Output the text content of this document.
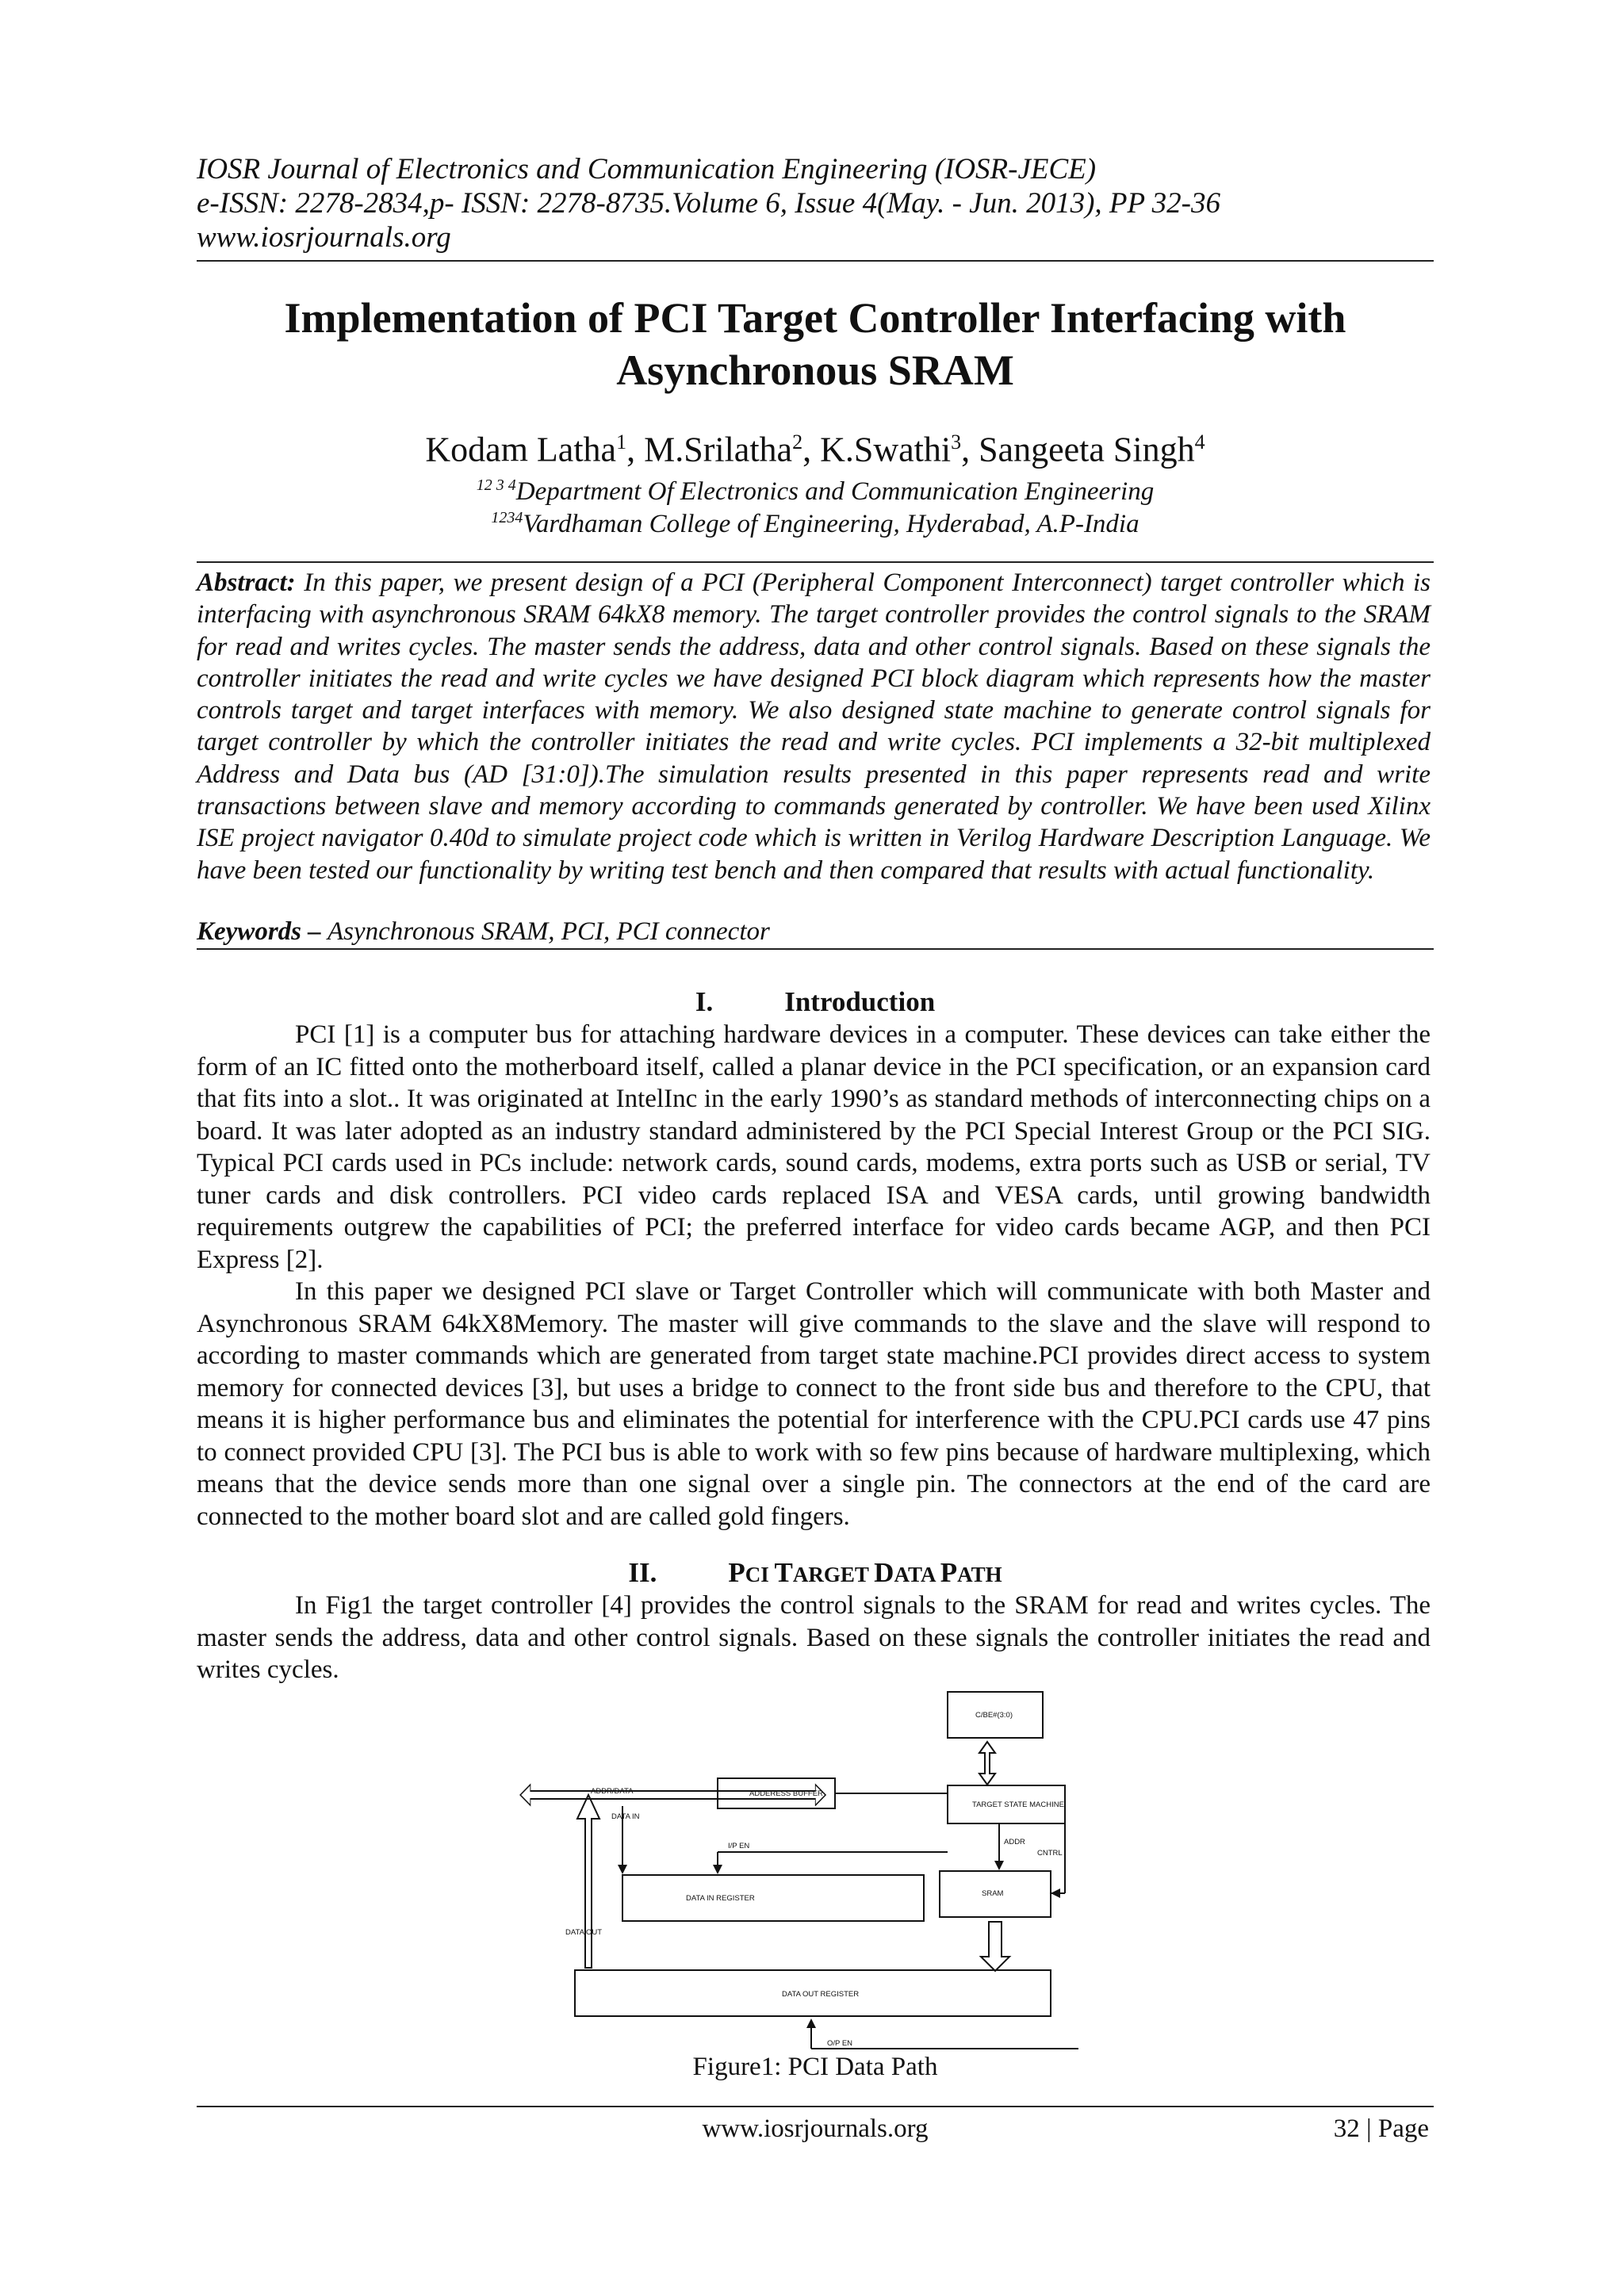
IOSR Journal of Electronics and Communication Engineering (IOSR-JECE)
e-ISSN: 2278-2834,p- ISSN: 2278-8735.Volume 6, Issue 4(May. - Jun. 2013), PP 32-36
www.iosrjournals.org
Implementation of PCI Target Controller Interfacing with
Asynchronous SRAM
Kodam Latha$^1$, M.Srilatha$^2$, K.Swathi$^3$, Sangeeta Singh$^4$
$^{12 3 4}$Department Of Electronics and Communication Engineering
$^{1234}$Vardhaman College of Engineering, Hyderabad, A.P-India
Abstract: In this paper, we present design of a PCI (Peripheral Component Interconnect) target controller which is interfacing with asynchronous SRAM 64kX8 memory. The target controller provides the control signals to the SRAM for read and writes cycles. The master sends the address, data and other control signals. Based on these signals the controller initiates the read and write cycles we have designed PCI block diagram which represents how the master controls target and target interfaces with memory. We also designed state machine to generate control signals for target controller by which the controller initiates the read and write cycles. PCI implements a 32-bit multiplexed Address and Data bus (AD [31:0]).The simulation results presented in this paper represents read and write transactions between slave and memory according to commands generated by controller. We have been used Xilinx ISE project navigator 0.40d to simulate project code which is written in Verilog Hardware Description Language. We have been tested our functionality by writing test bench and then compared that results with actual functionality.
Keywords – Asynchronous SRAM, PCI, PCI connector
I.	Introduction

PCI [1] is a computer bus for attaching hardware devices in a computer. These devices can take either the form of an IC fitted onto the motherboard itself, called a planar device in the PCI specification, or an expansion card that fits into a slot.. It was originated at IntelInc in the early 1990’s as standard methods of interconnecting chips on a board. It was later adopted as an industry standard administered by the PCI Special Interest Group or the PCI SIG. Typical PCI cards used in PCs include: network cards, sound cards, modems, extra ports such as USB or serial, TV tuner cards and disk controllers. PCI video cards replaced ISA and VESA cards, until growing bandwidth requirements outgrew the capabilities of PCI; the preferred interface for video cards became AGP, and then PCI Express [2].

In this paper we designed PCI slave or Target Controller which will communicate with both Master and Asynchronous SRAM 64kX8Memory. The master will give commands to the slave and the slave will respond to according to master commands which are generated from target state machine.PCI provides direct access to system memory for connected devices [3], but uses a bridge to connect to the front side bus and therefore to the CPU, that means it is higher performance bus and eliminates the potential for interference with the CPU.PCI cards use 47 pins to connect provided CPU [3]. The PCI bus is able to work with so few pins because of hardware multiplexing, which means that the device sends more than one signal over a single pin. The connectors at the end of the card are connected to the mother board slot and are called gold fingers.

II.	PCI TARGET DATA PATH

In Fig1 the target controller [4] provides the control signals to the SRAM for read and writes cycles. The master sends the address, data and other control signals. Based on these signals the controller initiates the read and writes cycles.

C/BE#(3:0)
ADDR/DATA	ADDERESS BUFFER
TARGET STATE MACHINE
DATA IN
I/P EN	ADDR
CNTRL
DATA IN REGISTER
SRAM
DATA OUT
DATA OUT REGISTER
O/P EN
Figure1: PCI Data Path
www.iosrjournals.org	32 | Page
